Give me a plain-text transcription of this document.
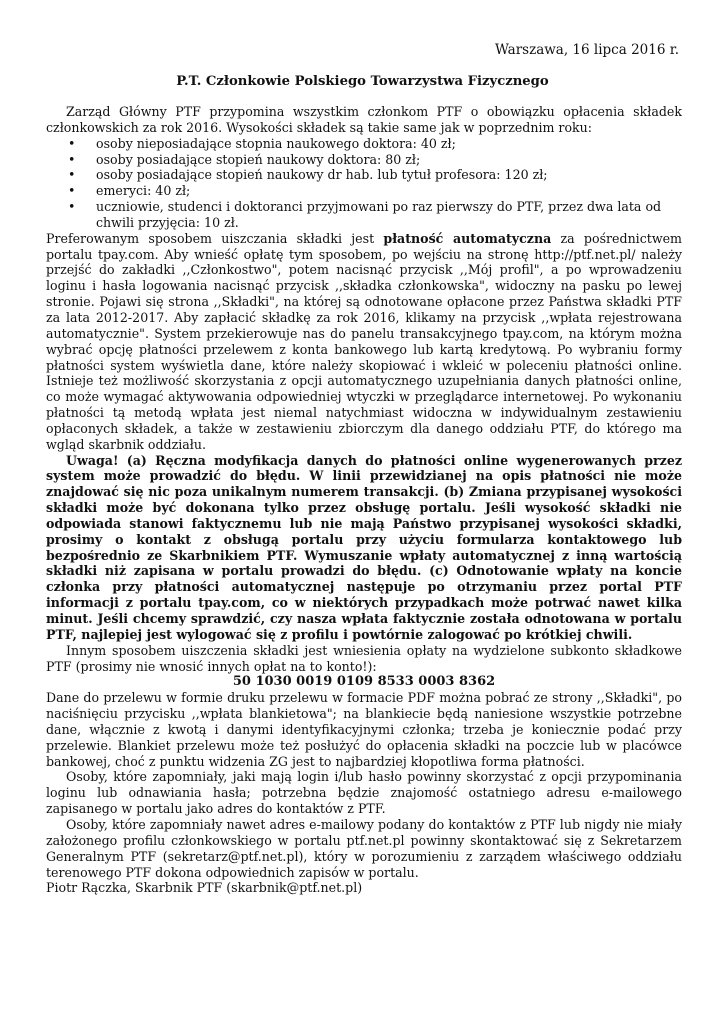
Warszawa, 16 lipca 2016 r.
P.T. Członkowie Polskiego Towarzystwa Fizycznego

Zarząd Główny PTF przypomina wszystkim członkom PTF o obowiązku opłacenia składek członkowskich za rok 2016. Wysokości składek są takie same jak w poprzednim roku:

• osoby nieposiadające stopnia naukowego doktora: 40 zł;
• osoby posiadające stopień naukowy doktora: 80 zł;
• osoby posiadające stopień naukowy dr hab. lub tytuł profesora: 120 zł;
• emeryci: 40 zł;
• uczniowie, studenci i doktoranci przyjmowani po raz pierwszy do PTF, przez dwa lata od chwili przyjęcia: 10 zł.

Preferowanym sposobem uiszczania składki jest płatność automatyczna za pośrednictwem portalu tpay.com. Aby wnieść opłatę tym sposobem, po wejściu na stronę http://ptf.net.pl/ należy przejść do zakładki ,,Członkostwo", potem nacisnąć przycisk ,,Mój profil", a po wprowadzeniu loginu i hasła logowania nacisnąć przycisk ,,składka członkowska", widoczny na pasku po lewej stronie. Pojawi się strona ,,Składki", na której są odnotowane opłacone przez Państwa składki PTF za lata 2012-2017. Aby zapłacić składkę za rok 2016, klikamy na przycisk ,,wpłata rejestrowana automatycznie". System przekierowuje nas do panelu transakcyjnego tpay.com, na którym można wybrać opcję płatności przelewem z konta bankowego lub kartą kredytową. Po wybraniu formy płatności system wyświetla dane, które należy skopiować i wkleić w poleceniu płatności online. Istnieje też możliwość skorzystania z opcji automatycznego uzupełniania danych płatności online, co może wymagać aktywowania odpowiedniej wtyczki w przeglądarce internetowej. Po wykonaniu płatności tą metodą wpłata jest niemal natychmiast widoczna w indywidualnym zestawieniu opłaconych składek, a także w zestawieniu zbiorczym dla danego oddziału PTF, do którego ma wgląd skarbnik oddziału.

Uwaga! (a) Ręczna modyfikacja danych do płatności online wygenerowanych przez system może prowadzić do błędu. W linii przewidzianej na opis płatności nie może znajdować się nic poza unikalnym numerem transakcji. (b) Zmiana przypisanej wysokości składki może być dokonana tylko przez obsługę portalu. Jeśli wysokość składki nie odpowiada stanowi faktycznemu lub nie mają Państwo przypisanej wysokości składki, prosimy o kontakt z obsługą portalu przy użyciu formularza kontaktowego lub bezpośrednio ze Skarbnikiem PTF. Wymuszanie wpłaty automatycznej z inną wartością składki niż zapisana w portalu prowadzi do błędu. (c) Odnotowanie wpłaty na koncie członka przy płatności automatycznej następuje po otrzymaniu przez portal PTF informacji z portalu tpay.com, co w niektórych przypadkach może potrwać nawet kilka minut. Jeśli chcemy sprawdzić, czy nasza wpłata faktycznie została odnotowana w portalu PTF, najlepiej jest wylogować się z profilu i powtórnie zalogować po krótkiej chwili.

Innym sposobem uiszczenia składki jest wniesienia opłaty na wydzielone subkonto składkowe PTF (prosimy nie wnosić innych opłat na to konto!):

50 1030 0019 0109 8533 0003 8362

Dane do przelewu w formie druku przelewu w formacie PDF można pobrać ze strony ,,Składki", po naciśnięciu przycisku ,,wpłata blankietowa"; na blankiecie będą naniesione wszystkie potrzebne dane, włącznie z kwotą i danymi identyfikacyjnymi członka; trzeba je koniecznie podać przy przelewie. Blankiet przelewu może też posłużyć do opłacenia składki na poczcie lub w placówce bankowej, choć z punktu widzenia ZG jest to najbardziej kłopotliwa forma płatności.

Osoby, które zapomniały, jaki mają login i/lub hasło powinny skorzystać z opcji przypominania loginu lub odnawiania hasła; potrzebna będzie znajomość ostatniego adresu e-mailowego zapisanego w portalu jako adres do kontaktów z PTF.

Osoby, które zapomniały nawet adres e-mailowy podany do kontaktów z PTF lub nigdy nie miały założonego profilu członkowskiego w portalu ptf.net.pl powinny skontaktować się z Sekretarzem Generalnym PTF (sekretarz@ptf.net.pl), który w porozumieniu z zarządem właściwego oddziału terenowego PTF dokona odpowiednich zapisów w portalu.

Piotr Rączka, Skarbnik PTF (skarbnik@ptf.net.pl)
